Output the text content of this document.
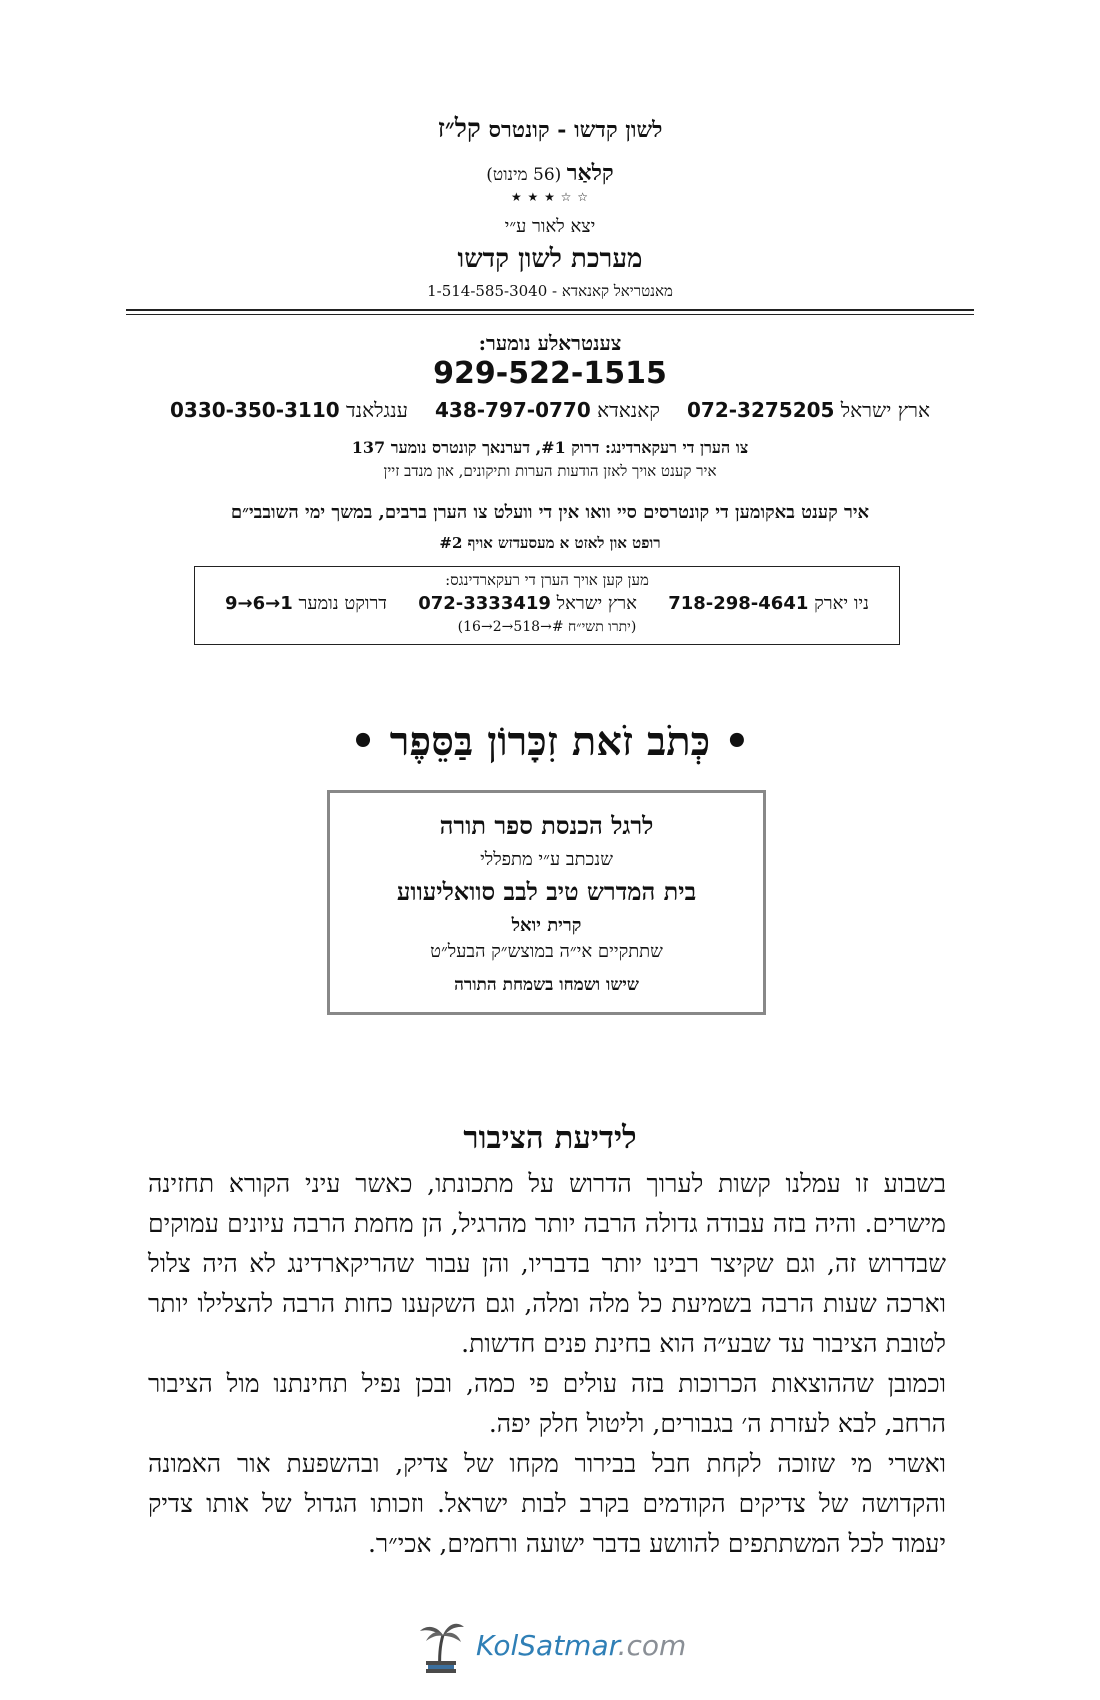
לשון קדשו - קונטרס קל״ז
קלאַר (56 מינוט)
★ ★ ★ ☆ ☆
יצא לאור ע״י
מערכת לשון קדשו
מאנטריאל קאנאדא - 1-514-585-3040
צענטראלע נומער:
929-522-1515
ארץ ישראל 072-3275205
קאנאדא 438-797-0770
ענגלאנד 0330-350-3110
צו הערן די רעקארדינג: דרוק #1, דערנאך קונטרס נומער 137
איר קענט אויך לאזן הודעות הערות ותיקונים, און מנדב זיין
איר קענט באקומען די קונטרסים סיי וואו אין די וועלט צו הערן ברבים, במשך ימי השובבי״ם
רופט און לאזט א מעסעדזש אויף #2
מען קען אויך הערן די רעקארדינגס:
ניו יארק 718-298-4641
ארץ ישראל 072-3333419
דרוקט נומער 9→6→1
(יתרו תשי״ח #→518→2→16)
• כְּתֹב זֹאת זִכָּרוֹן בַּסֵּפֶר •
לרגל הכנסת ספר תורה
שנכתב ע״י מתפללי
בית המדרש טיב לבב סוואליעווע
קרית יואל
שתתקיים אי״ה במוצש״ק הבעל״ט
שישו ושמחו בשמחת התורה
לידיעת הציבור

בשבוע זו עמלנו קשות לערוך הדרוש על מתכונתו, כאשר עיני הקורא תחזינה מישרים. והיה בזה עבודה גדולה הרבה יותר מהרגיל, הן מחמת הרבה עיונים עמוקים שבדרוש זה, וגם שקיצר רבינו יותר בדבריו, והן עבור שהריקארדינג לא היה צלול וארכה שעות הרבה בשמיעת כל מלה ומלה, וגם השקענו כחות הרבה להצלילו יותר לטובת הציבור עד שבע״ה הוא בחינת פנים חדשות.

וכמובן שההוצאות הכרוכות בזה עולים פי כמה, ובכן נפיל תחינתנו מול הציבור הרחב, לבא לעזרת ה׳ בגבורים, וליטול חלק יפה.

ואשרי מי שזוכה לקחת חבל בבירור מקחו של צדיק, ובהשפעת אור האמונה והקדושה של צדיקים הקודמים בקרב לבות ישראל. וזכותו הגדול של אותו צדיק יעמוד לכל המשתתפים להוושע בדבר ישועה ורחמים, אכי״ר.

KolSatmar.com
